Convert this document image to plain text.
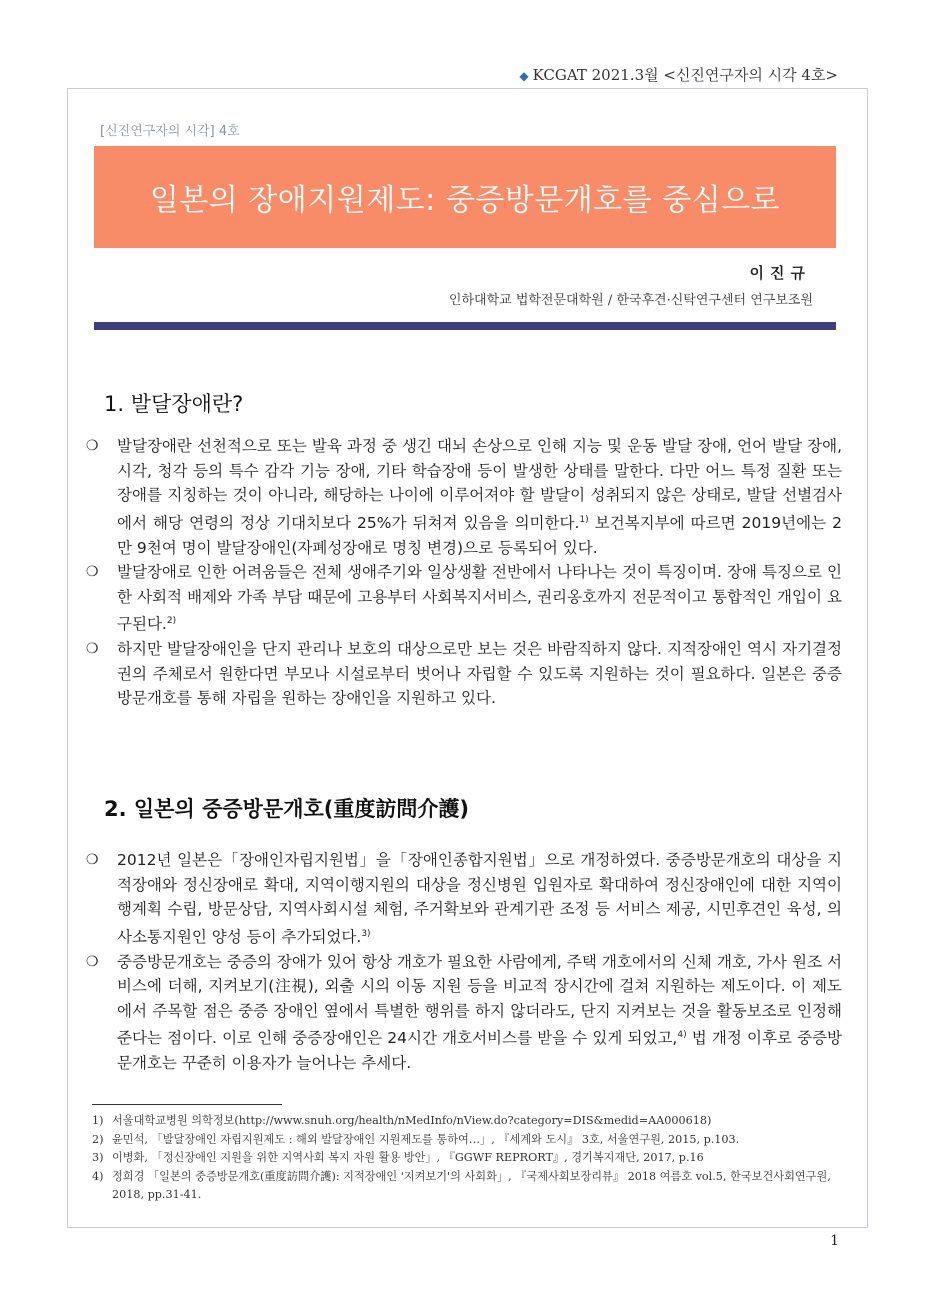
◆ KCGAT 2021.3월 <신진연구자의 시각 4호>
[신진연구자의 시각] 4호
일본의 장애지원제도: 중증방문개호를 중심으로
이진규
인하대학교 법학전문대학원 / 한국후견·신탁연구센터 연구보조원
1. 발달장애란?
❍ 발달장애란 선천적으로 또는 발육 과정 중 생긴 대뇌 손상으로 인해 지능 및 운동 발달 장애, 언어 발달 장애, 시각, 청각 등의 특수 감각 기능 장애, 기타 학습장애 등이 발생한 상태를 말한다. 다만 어느 특정 질환 또는 장애를 지칭하는 것이 아니라, 해당하는 나이에 이루어져야 할 발달이 성취되지 않은 상태로, 발달 선별검사에서 해당 연령의 정상 기대치보다 25%가 뒤쳐져 있음을 의미한다.$^{1)}$ 보건복지부에 따르면 2019년에는 2만 9천여 명이 발달장애인(자폐성장애로 명칭 변경)으로 등록되어 있다.
❍ 발달장애로 인한 어려움들은 전체 생애주기와 일상생활 전반에서 나타나는 것이 특징이며. 장애 특징으로 인한 사회적 배제와 가족 부담 때문에 고용부터 사회복지서비스, 권리옹호까지 전문적이고 통합적인 개입이 요구된다.$^{2)}$
❍ 하지만 발달장애인을 단지 관리나 보호의 대상으로만 보는 것은 바람직하지 않다. 지적장애인 역시 자기결정권의 주체로서 원한다면 부모나 시설로부터 벗어나 자립할 수 있도록 지원하는 것이 필요하다. 일본은 중증방문개호를 통해 자립을 원하는 장애인을 지원하고 있다.
2. 일본의 중증방문개호(重度訪問介護)
❍ 2012년 일본은「장애인자립지원법」을「장애인종합지원법」으로 개정하였다. 중증방문개호의 대상을 지적장애와 정신장애로 확대, 지역이행지원의 대상을 정신병원 입원자로 확대하여 정신장애인에 대한 지역이행계획 수립, 방문상담, 지역사회시설 체험, 주거확보와 관계기관 조정 등 서비스 제공, 시민후견인 육성, 의사소통지원인 양성 등이 추가되었다.$^{3)}$
❍ 중증방문개호는 중증의 장애가 있어 항상 개호가 필요한 사람에게, 주택 개호에서의 신체 개호, 가사 원조 서비스에 더해, 지켜보기(注視), 외출 시의 이동 지원 등을 비교적 장시간에 걸쳐 지원하는 제도이다. 이 제도에서 주목할 점은 중증 장애인 옆에서 특별한 행위를 하지 않더라도, 단지 지켜보는 것을 활동보조로 인정해 준다는 점이다. 이로 인해 중증장애인은 24시간 개호서비스를 받을 수 있게 되었고,$^{4)}$ 법 개정 이후로 중증방문개호는 꾸준히 이용자가 늘어나는 추세다.
1) 서울대학교병원 의학정보(http://www.snuh.org/health/nMedInfo/nView.do?category=DIS&medid=AA000618)
2) 윤민석, 「발달장애인 자립지원제도 : 해외 발달장애인 지원제도를 통하여…」, 『세계와 도시』 3호, 서울연구원, 2015, p.103.
3) 이병화, 「정신장애인 지원을 위한 지역사회 복지 자원 활용 방안」, 『GGWF REPRORT』, 경기복지재단, 2017, p.16
4) 정희경 「일본의 중증방문개호(重度訪問介護): 지적장애인 '지켜보기'의 사회화」, 『국제사회보장리뷰』 2018 여름호 vol.5, 한국보건사회연구원, 2018, pp.31-41.
1
